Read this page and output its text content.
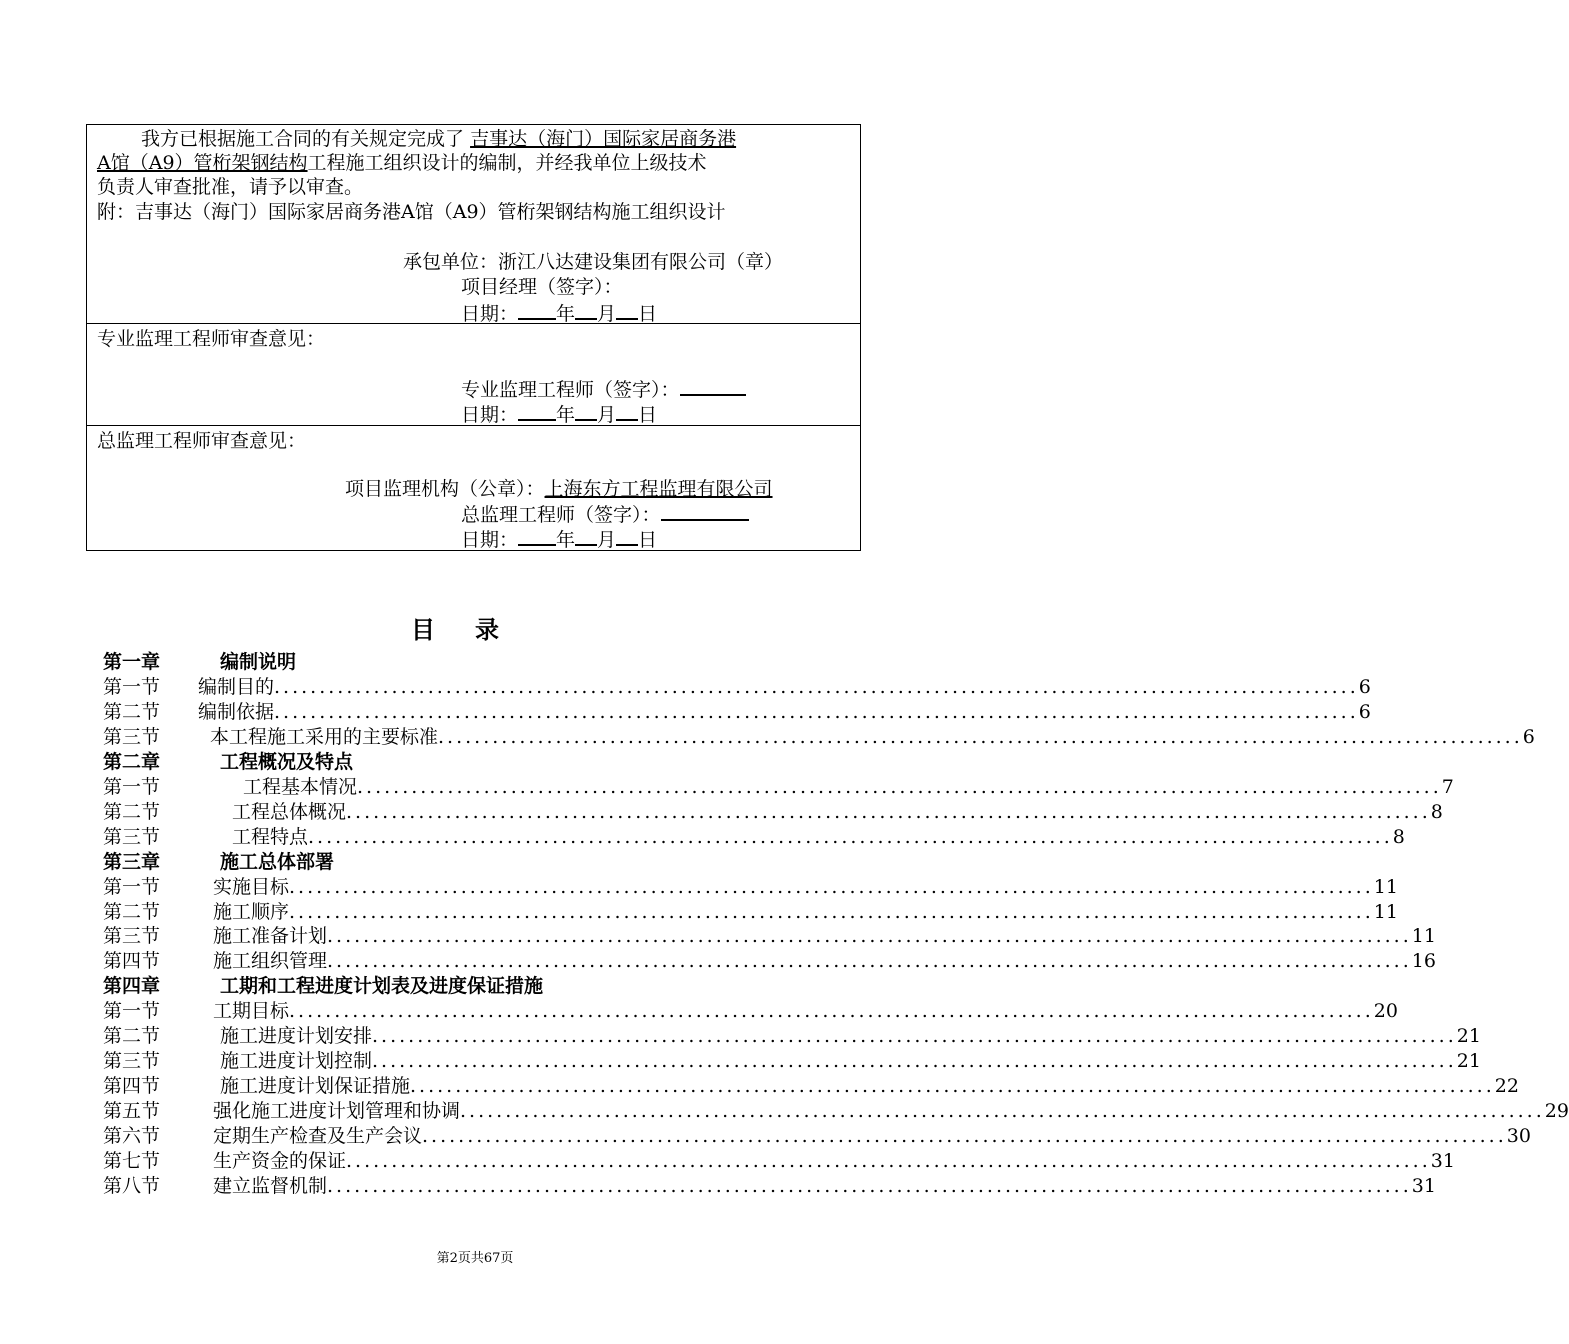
我方已根据施工合同的有关规定完成了 吉事达（海门）国际家居商务港
A馆（A9）管桁架钢结构工程施工组织设计的编制，并经我单位上级技术
负责人审查批准，请予以审查。
附：吉事达（海门）国际家居商务港A馆（A9）管桁架钢结构施工组织设计
承包单位：浙江八达建设集团有限公司（章）
项目经理（签字）：
日期： 年 月 日
专业监理工程师审查意见：
专业监理工程师（签字）：
日期： 年 月 日
总监理工程师审查意见：
项目监理机构（公章）：上海东方工程监理有限公司
总监理工程师（签字）：
日期： 年 月 日
目录
第一章	编制说明
第一节 编制目的 ........................................................................................................................ 6
第二节 编制依据 ........................................................................................................................ 6
第三节	本工程施工采用的主要标准 ........................................................................................................................ 6
第二章	工程概况及特点
第一节	工程基本情况 ........................................................................................................................ 7
第二节	工程总体概况 ........................................................................................................................ 8
第三节	工程特点 ........................................................................................................................ 8
第三章	施工总体部署
第一节	实施目标 ........................................................................................................................ 11
第二节	施工顺序 ........................................................................................................................ 11
第三节	施工准备计划 ........................................................................................................................ 11
第四节	施工组织管理 ........................................................................................................................ 16
第四章	工期和工程进度计划表及进度保证措施
第一节	工期目标 ........................................................................................................................ 20
第二节	施工进度计划安排 ........................................................................................................................ 21
第三节	施工进度计划控制 ........................................................................................................................ 21
第四节	施工进度计划保证措施 ........................................................................................................................ 22
第五节	强化施工进度计划管理和协调 ........................................................................................................................ 29
第六节	定期生产检查及生产会议 ........................................................................................................................ 30
第七节	生产资金的保证 ........................................................................................................................ 31
第八节	建立监督机制 ........................................................................................................................ 31
第2页共67页
